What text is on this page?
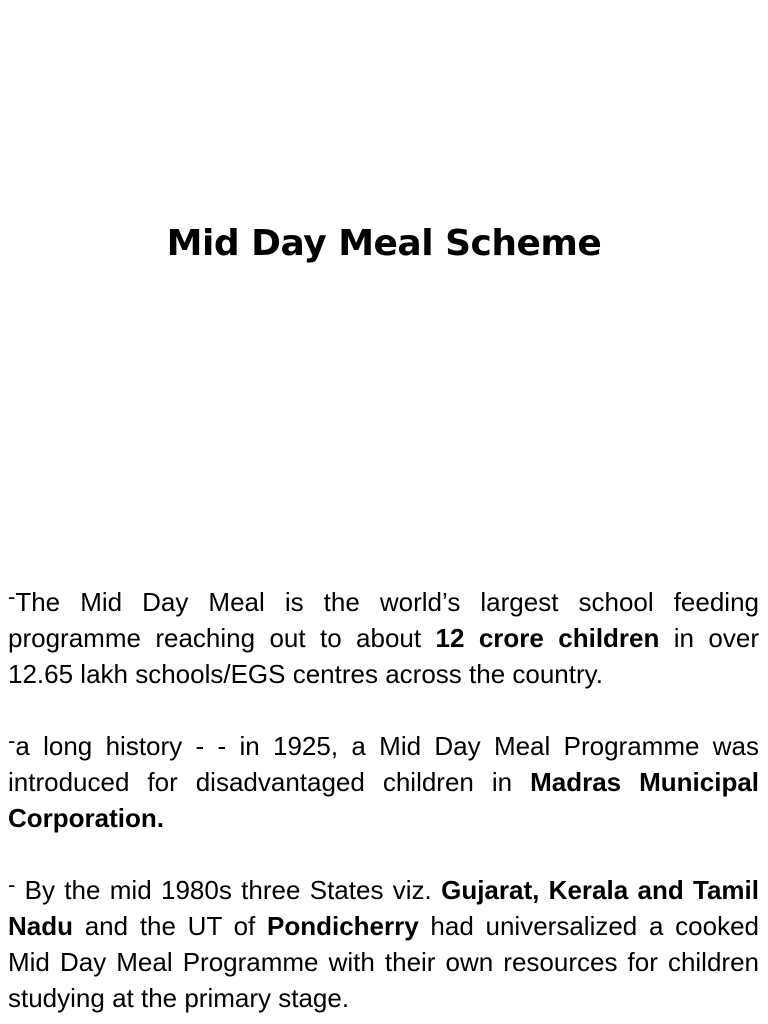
Mid Day Meal Scheme

-The Mid Day Meal is the world’s largest school feeding programme reaching out to about 12 crore children in over 12.65 lakh schools/EGS centres across the country.

-a long history - - in 1925, a Mid Day Meal Programme was introduced for disadvantaged children in Madras Municipal Corporation.

- By the mid 1980s three States viz. Gujarat, Kerala and Tamil Nadu and the UT of Pondicherry had universalized a cooked Mid Day Meal Programme with their own resources for children studying at the primary stage.
